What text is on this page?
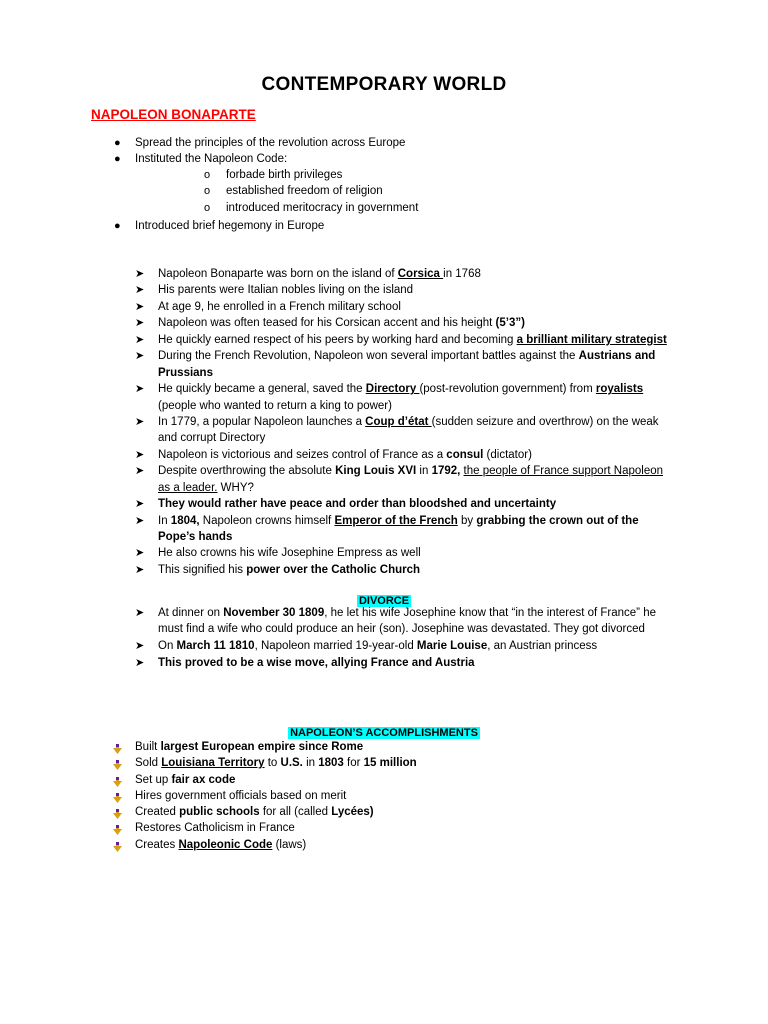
CONTEMPORARY WORLD
NAPOLEON BONAPARTE
● Spread the principles of the revolution across Europe
● Instituted the Napoleon Code:
o forbade birth privileges
o established freedom of religion
o introduced meritocracy in government
● Introduced brief hegemony in Europe
➤ Napoleon Bonaparte was born on the island of Corsica in 1768
➤ His parents were Italian nobles living on the island
➤ At age 9, he enrolled in a French military school
➤ Napoleon was often teased for his Corsican accent and his height (5’3”)
➤ He quickly earned respect of his peers by working hard and becoming a brilliant military strategist
➤ During the French Revolution, Napoleon won several important battles against the Austrians and Prussians
➤ He quickly became a general, saved the Directory (post-revolution government) from royalists (people who wanted to return a king to power)
➤ In 1779, a popular Napoleon launches a Coup d’état (sudden seizure and overthrow) on the weak and corrupt Directory
➤ Napoleon is victorious and seizes control of France as a consul (dictator)
➤ Despite overthrowing the absolute King Louis XVI in 1792, the people of France support Napoleon as a leader. WHY?
➤ They would rather have peace and order than bloodshed and uncertainty
➤ In 1804, Napoleon crowns himself Emperor of the French by grabbing the crown out of the Pope’s hands
➤ He also crowns his wife Josephine Empress as well
➤ This signified his power over the Catholic Church
DIVORCE
➤ At dinner on November 30 1809, he let his wife Josephine know that “in the interest of France” he must find a wife who could produce an heir (son). Josephine was devastated. They got divorced
➤ On March 11 1810, Napoleon married 19-year-old Marie Louise, an Austrian princess
➤ This proved to be a wise move, allying France and Austria
NAPOLEON’S ACCOMPLISHMENTS
Built largest European empire since Rome
Sold Louisiana Territory to U.S. in 1803 for 15 million
Set up fair ax code
Hires government officials based on merit
Created public schools for all (called Lycées)
Restores Catholicism in France
Creates Napoleonic Code (laws)
